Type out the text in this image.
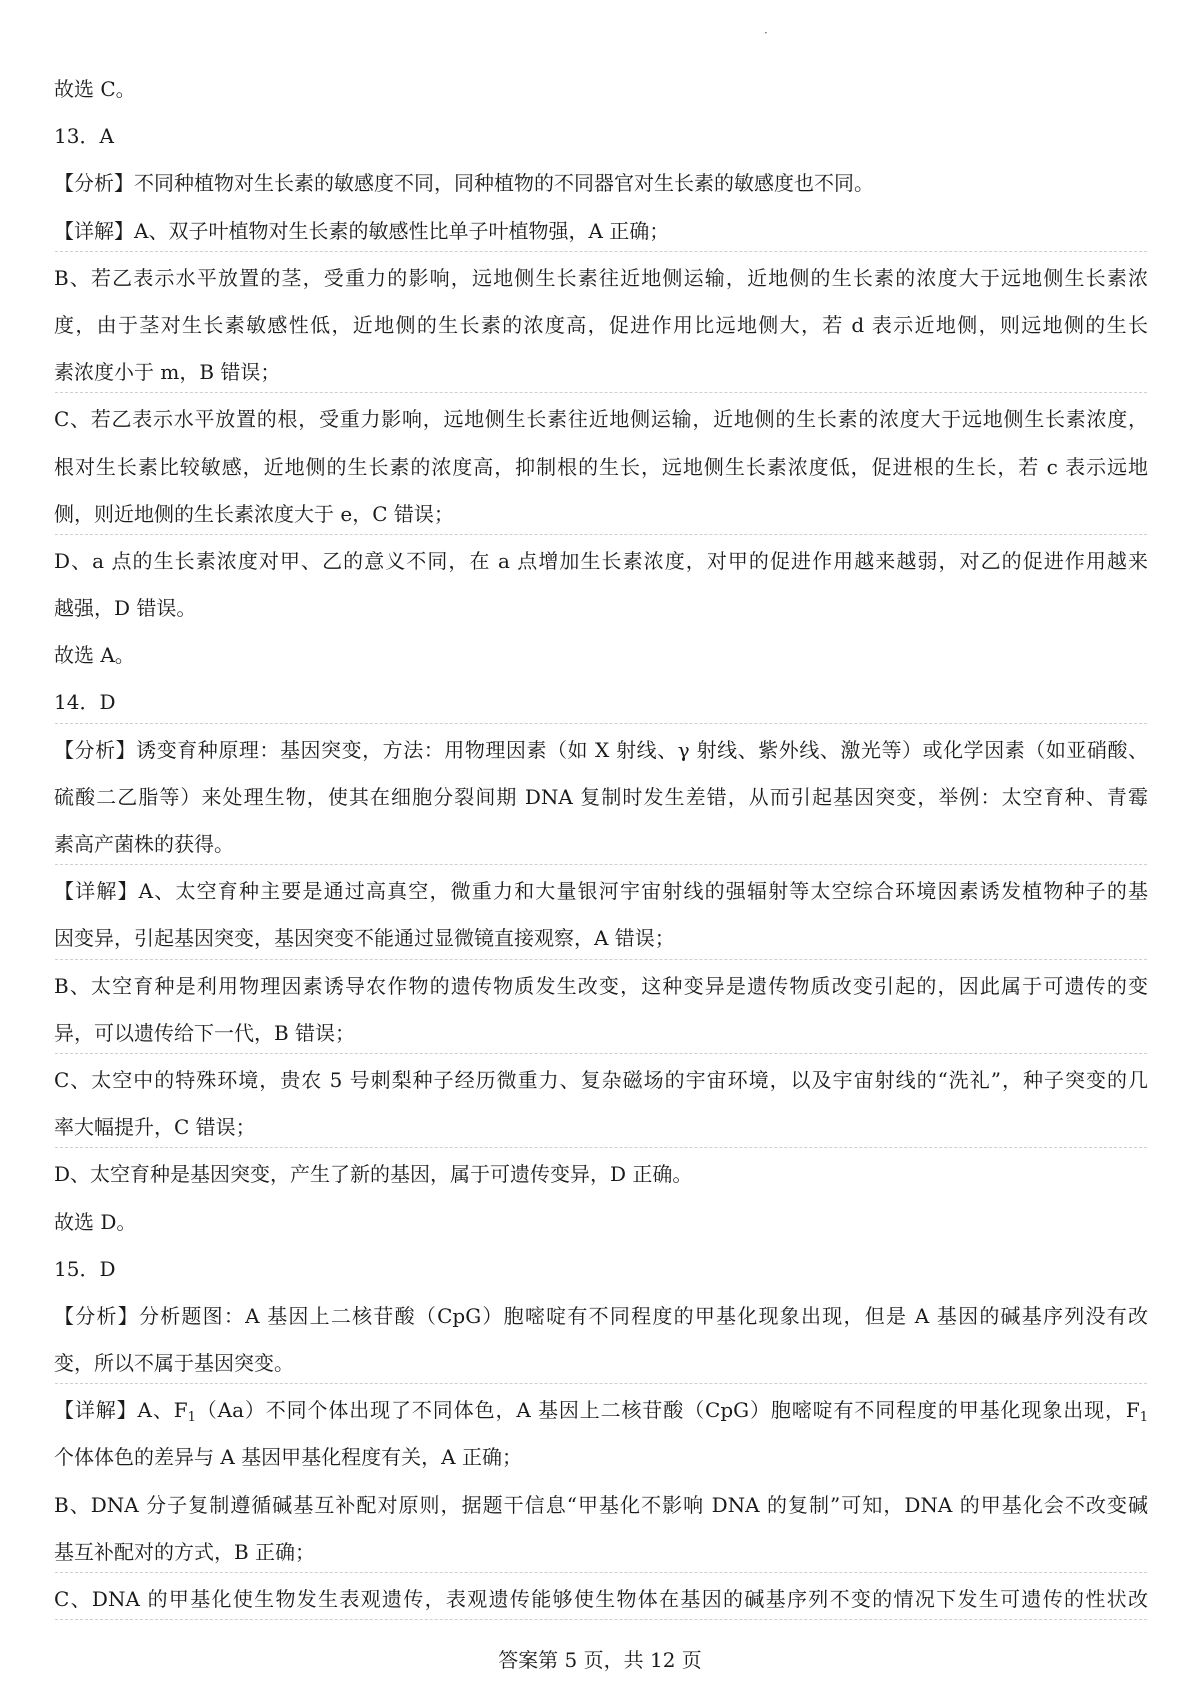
·
故选 C。
13．A
【分析】不同种植物对生长素的敏感度不同，同种植物的不同器官对生长素的敏感度也不同。
【详解】A、双子叶植物对生长素的敏感性比单子叶植物强，A 正确；
B、若乙表示水平放置的茎，受重力的影响，远地侧生长素往近地侧运输，近地侧的生长素的浓度大于远地侧生长素浓
度，由于茎对生长素敏感性低，近地侧的生长素的浓度高，促进作用比远地侧大，若 d 表示近地侧，则远地侧的生长
素浓度小于 m，B 错误；
C、若乙表示水平放置的根，受重力影响，远地侧生长素往近地侧运输，近地侧的生长素的浓度大于远地侧生长素浓度，
根对生长素比较敏感，近地侧的生长素的浓度高，抑制根的生长，远地侧生长素浓度低，促进根的生长，若 c 表示远地
侧，则近地侧的生长素浓度大于 e，C 错误；
D、a 点的生长素浓度对甲、乙的意义不同，在 a 点增加生长素浓度，对甲的促进作用越来越弱，对乙的促进作用越来
越强，D 错误。
故选 A。
14．D
【分析】诱变育种原理：基因突变，方法：用物理因素（如 X 射线、γ 射线、紫外线、激光等）或化学因素（如亚硝酸、
硫酸二乙脂等）来处理生物，使其在细胞分裂间期 DNA 复制时发生差错，从而引起基因突变，举例：太空育种、青霉
素高产菌株的获得。
【详解】A、太空育种主要是通过高真空，微重力和大量银河宇宙射线的强辐射等太空综合环境因素诱发植物种子的基
因变异，引起基因突变，基因突变不能通过显微镜直接观察，A 错误；
B、太空育种是利用物理因素诱导农作物的遗传物质发生改变，这种变异是遗传物质改变引起的，因此属于可遗传的变
异，可以遗传给下一代，B 错误；
C、太空中的特殊环境，贵农 5 号刺梨种子经历微重力、复杂磁场的宇宙环境，以及宇宙射线的“洗礼”，种子突变的几
率大幅提升，C 错误；
D、太空育种是基因突变，产生了新的基因，属于可遗传变异，D 正确。
故选 D。
15．D
【分析】分析题图：A 基因上二核苷酸（CpG）胞嘧啶有不同程度的甲基化现象出现，但是 A 基因的碱基序列没有改
变，所以不属于基因突变。
【详解】A、$F_1(Aa)$不同个体出现了不同体色，A 基因上二核苷酸（CpG）胞嘧啶有不同程度的甲基化现象出现，$F_1$
个体体色的差异与 A 基因甲基化程度有关，A 正确；
B、DNA 分子复制遵循碱基互补配对原则，据题干信息“甲基化不影响 DNA 的复制”可知，DNA 的甲基化会不改变碱
基互补配对的方式，B 正确；
C、DNA 的甲基化使生物发生表观遗传，表观遗传能够使生物体在基因的碱基序列不变的情况下发生可遗传的性状改
答案第 5 页，共 12 页
